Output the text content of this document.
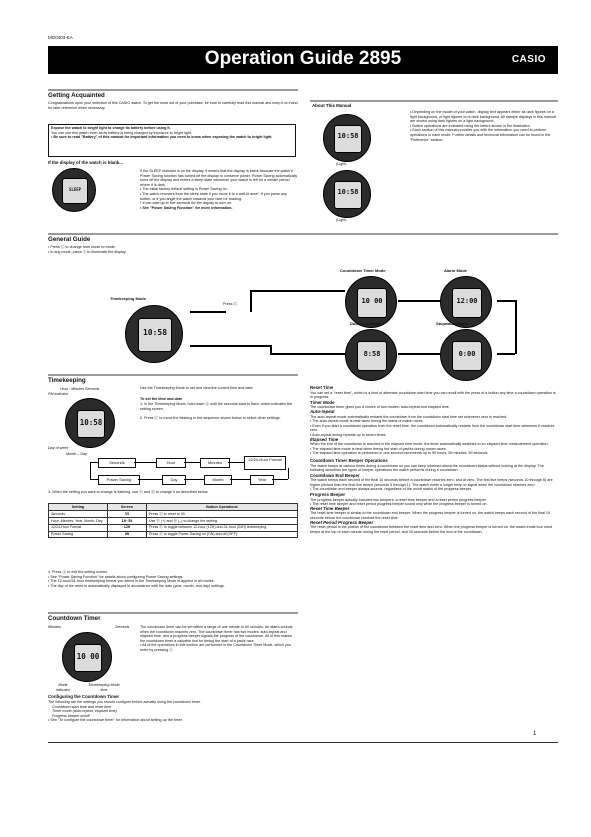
MO0403-EA
Operation Guide 2895	CASIO
Getting Acquainted
Congratulations upon your selection of this CASIO watch. To get the most out of your purchase, be sure to carefully read this manual and keep it on hand for later reference when necessary.
Expose the watch to bright light to charge its battery before using it.
You can use this watch even as its battery is being charged by exposure to bright light.
• Be sure to read "Battery" of this manual for important information you need to know when exposing the watch to bright light.
If the display of the watch is blank...
SLEEP
If the SLEEP indicator is on the display, it means that the display is blank because the watch's Power Saving function has turned off the display to conserve power. Power Saving automatically turns off the display and enters a sleep state whenever your watch is left for a certain period where it is dark.
• The initial factory default setting is Power Saving on.
• The watch recovers from the sleep state if you move it to a well-lit area*, if you press any button, or if you angle the watch towards your face for reading.
* It can take up to five seconds for the display to turn on.
• See "Power Saving Function" for more information.
About This Manual
10:58
(Light)
10:58
(Light)
• Depending on the model of your watch, display text appears either as dark figures on a light background, or light figures on a dark background. All sample displays in this manual are shown using dark figures on a light background.
• Button operations are indicated using the letters shown in the illustration.
• Each section of this manual provides you with the information you need to perform operations in each mode. Further details and technical information can be found in the "Reference" section.
General Guide
• Press Ⓒ to change from mode to mode.
• In any mode, press Ⓛ to illuminate the display.
Timekeeping Mode
10:58
Press Ⓒ.
Countdown Timer Mode
10 00
Alarm Mode
12:00
Dual Time Mode
8:58
Stopwatch Mode
0:00
Timekeeping
Hour : Minutes Seconds
PM indicator
10:58
Day of week
Month – Day
Use the Timekeeping Mode to set and view the current time and date.
To set the time and date
1. In the Timekeeping Mode, hold down Ⓐ until the seconds start to flash, which indicates the setting screen.
2. Press Ⓒ to move the flashing in the sequence shown below to select other settings.
Seconds	Hour	Minutes
12/24-Hour Format
Power Saving	Day	Month	Year
3. When the setting you want to change is flashing, use Ⓓ and Ⓑ to change it as described below.
Setting	Screen	Button Operations
Seconds	35	Press Ⓓ to reset to 00.
Hour, Minutes, Year, Month, Day	10:58	Use Ⓓ (+) and Ⓑ (–) to change the setting.
12/24-Hour Format	12H	Press Ⓓ to toggle between 12-hour (12H) and 24-hour (24H) timekeeping.
Power Saving	ON	Press Ⓓ to toggle Power Saving on (ON) and off (OFF).
4. Press Ⓐ to exit the setting screen.
• See "Power Saving Function" for details about configuring Power Saving settings.
• The 12-hour/24-hour timekeeping format you select in the Timekeeping Mode is applied in all modes.
• The day of the week is automatically displayed in accordance with the date (year, month, and day) settings.
Countdown Timer
Minutes	Seconds
10 00
Mode indicator
Timekeeping Mode time
The countdown timer can be set within a range of one minute to 60 minutes. An alarm sounds when the countdown reaches zero. The countdown timer has two modes: auto-repeat and elapsed time, and a progress beeper signals the progress of the countdown. All of this makes the countdown timer a valuable tool for timing the start of a yacht race.
• All of the operations in this section are performed in the Countdown Timer Mode, which you enter by pressing Ⓒ.
Configuring the Countdown Timer
The following are the settings you should configure before actually using the countdown timer.
Countdown start time and reset time
Timer mode (auto-repeat, elapsed time)
Progress beeper on/off
• See "To configure the countdown timer" for information about setting up the timer.
Reset Time
You can set a "reset time", which is a kind of alternate countdown start time you can recall with the press of a button any time a countdown operation is in progress.
Timer Mode
The countdown timer gives you a choice of two modes: auto-repeat and elapsed time.
Auto-repeat
The auto-repeat mode automatically restarts the countdown from the countdown start time set whenever zero is reached.
• The auto-repeat mode is best when timing the starts of match races.
• Even if you start a countdown operation from the reset time, the countdown automatically restarts from the countdown start time whenever it reaches zero.
• Auto-repeat timing repeats up to seven times.
Elapsed Time
When the end of the countdown is reached in the elapsed time mode, the timer automatically switches to an elapsed time measurement operation.
• The elapsed time mode is best when timing the start of yachts during ocean races.
• The elapsed time operation is performed in one-second increments up to 99 hours, 59 minutes, 59 seconds.
Countdown Timer Beeper Operations
The watch beeps at various times during a countdown so you can keep informed about the countdown status without looking at the display. The following describes the types of beeper operations the watch performs during a countdown.
Countdown End Beeper
The watch beeps each second of the final 10 seconds before a countdown reaches zero, and at zero. The first five beeps (seconds 10 through 6) are higher pitched than the final five beeps (seconds 5 through 1). The watch emits a longer beep to signal when the countdown reaches zero.
• The countdown end beeper always sounds, regardless of the on/off status of the progress beeper.
Progress Beeper
The progress beeper actually includes two beepers: a reset time beeper and a reset period progress beeper.
• The reset time beeper and reset period progress beeper sound only while the progress beeper is turned on.
Reset Time Beeper
The reset time beeper is similar to the countdown end beeper. When the progress beeper is turned on, the watch beeps each second of the final 10 seconds before the countdown reaches the reset time.
Reset Period Progress Beeper
The reset period is the portion of the countdown between the reset time and zero. When the progress beeper is turned on, the watch emits four short beeps at the top of each minute during the reset period, and 30 seconds before the end of the countdown.
1
